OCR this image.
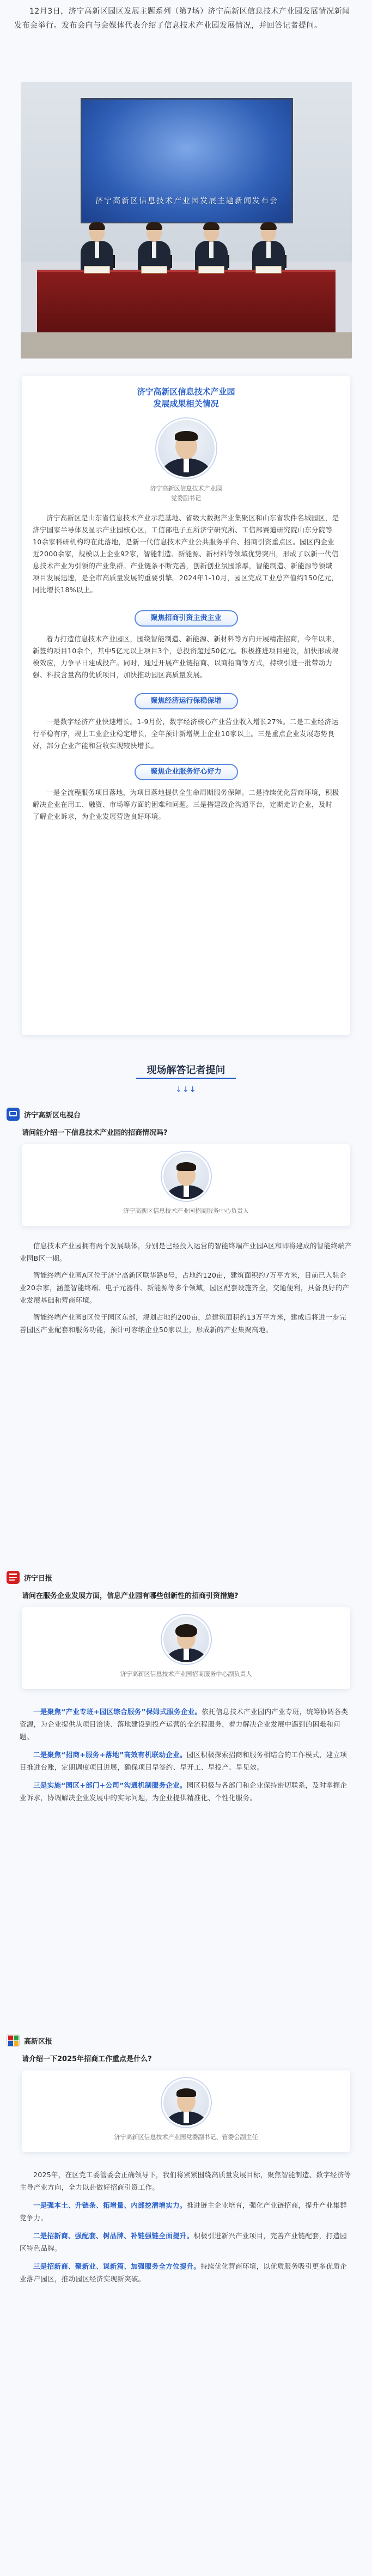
12月3日，济宁高新区园区发展主题系列（第7场）济宁高新区信息技术产业园发展情况新闻发布会举行。发布会向与会媒体代表介绍了信息技术产业园发展情况，并回答记者提问。

济宁高新区信息技术产业园发展主题新闻发布会
济宁高新区信息技术产业园
发展成果相关情况
济宁高新区信息技术产业园
党委副书记

济宁高新区是山东省信息技术产业示范基地、省级大数据产业集聚区和山东省软件名城园区，是济宁国家半导体及显示产业园核心区，工信部电子五所济宁研究所、工信部赛迪研究院山东分院等10余家科研机构均在此落地，是新一代信息技术产业公共服务平台、招商引资重点区。园区内企业近2000余家，规模以上企业92家，智能制造、新能源、新材料等领域优势突出，形成了以新一代信息技术产业为引领的产业集群。产业链条不断完善，创新创业氛围浓厚，智能制造、新能源等领域项目发展迅速，是全市高质量发展的重要引擎。2024年1-10月，园区完成工业总产值约150亿元，同比增长18%以上。

聚焦招商引资主责主业

着力打造信息技术产业园区，围绕智能制造、新能源、新材料等方向开展精准招商，今年以来，新签约项目10余个，其中5亿元以上项目3个，总投资超过50亿元。积极推进项目建设，加快形成规模效应，力争早日建成投产。同时，通过开展产业链招商、以商招商等方式，持续引进一批带动力强、科技含量高的优质项目，加快推动园区高质量发展。

聚焦经济运行保稳保增

一是数字经济产业快速增长。1-9月份，数字经济核心产业营业收入增长27%。二是工业经济运行平稳有序，规上工业企业稳定增长，全年预计新增规上企业10家以上。三是重点企业发展态势良好，部分企业产能和营收实现较快增长。

聚焦企业服务好心好力

一是全流程服务项目落地，为项目落地提供全生命周期服务保障。二是持续优化营商环境，积极解决企业在用工、融资、市场等方面的困难和问题。三是搭建政企沟通平台，定期走访企业，及时了解企业诉求，为企业发展营造良好环境。

现场解答记者提问
↓↓↓
济宁高新区电视台
请问能介绍一下信息技术产业园的招商情况吗?
济宁高新区信息技术产业园招商服务中心负责人

信息技术产业园拥有两个发展载体，分别是已经投入运营的智能终端产业园A区和即将建成的智能终端产业园B区一期。

智能终端产业园A区位于济宁高新区联华路8号，占地约120亩，建筑面积约7万平方米，目前已入驻企业20余家，涵盖智能终端、电子元器件、新能源等多个领域，园区配套设施齐全，交通便利，具备良好的产业发展基础和营商环境。

智能终端产业园B区位于园区东部，规划占地约200亩，总建筑面积约13万平方米，建成后将进一步完善园区产业配套和服务功能，预计可容纳企业50家以上，形成新的产业集聚高地。

济宁日报
请问在服务企业发展方面，信息产业园有哪些创新性的招商引资措施?
济宁高新区信息技术产业园招商服务中心副负责人

一是聚焦“产业专班+园区综合服务”保姆式服务企业。依托信息技术产业园内产业专班，统筹协调各类资源，为企业提供从项目洽谈、落地建设到投产运营的全流程服务，着力解决企业发展中遇到的困难和问题。

二是聚焦“招商+服务+落地”高效有机联动企业。园区积极探索招商和服务相结合的工作模式，建立项目推进台账，定期调度项目进展，确保项目早签约、早开工、早投产、早见效。

三是实施“园区+部门+公司”沟通机制服务企业。园区积极与各部门和企业保持密切联系，及时掌握企业诉求，协调解决企业发展中的实际问题，为企业提供精准化、个性化服务。

高新区报
请介绍一下2025年招商工作重点是什么?
济宁高新区信息技术产业园党委副书记、管委会副主任

2025年，在区党工委管委会正确领导下，我们将紧紧围绕高质量发展目标，聚焦智能制造、数字经济等主导产业方向，全力以赴做好招商引资工作。

一是强本土、升链条、拓增量、内部挖潜增实力。推进链主企业培育，强化产业链招商，提升产业集群竞争力。

二是招新商、强配套、树品牌、补链强链全面提升。积极引进新兴产业项目，完善产业链配套，打造园区特色品牌。

三是招新商、聚新业、谋新篇、加强服务全方位提升。持续优化营商环境，以优质服务吸引更多优质企业落户园区，推动园区经济实现新突破。
